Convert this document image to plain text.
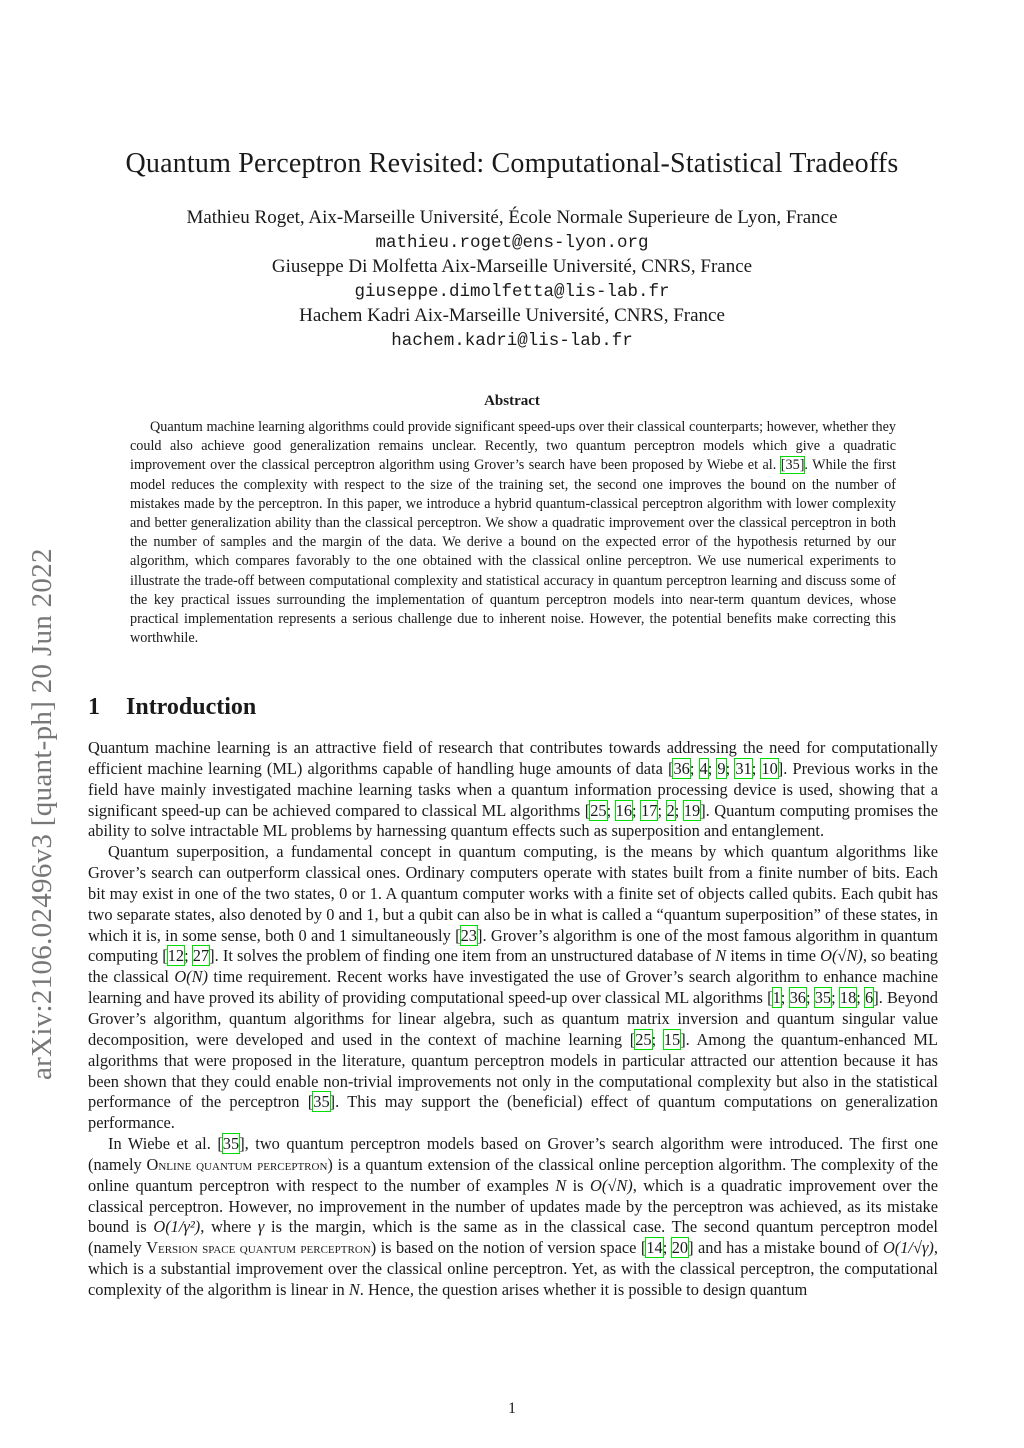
arXiv:2106.02496v3 [quant-ph] 20 Jun 2022
Quantum Perceptron Revisited: Computational-Statistical Tradeoffs
Mathieu Roget, Aix-Marseille Université, École Normale Superieure de Lyon, France
mathieu.roget@ens-lyon.org
Giuseppe Di Molfetta Aix-Marseille Université, CNRS, France
giuseppe.dimolfetta@lis-lab.fr
Hachem Kadri Aix-Marseille Université, CNRS, France
hachem.kadri@lis-lab.fr
Abstract

Quantum machine learning algorithms could provide significant speed-ups over their classical counterparts; however, whether they could also achieve good generalization remains unclear. Recently, two quantum perceptron models which give a quadratic improvement over the classical perceptron algorithm using Grover’s search have been proposed by Wiebe et al. [35]. While the first model reduces the complexity with respect to the size of the training set, the second one improves the bound on the number of mistakes made by the perceptron. In this paper, we introduce a hybrid quantum-classical perceptron algorithm with lower complexity and better generalization ability than the classical perceptron. We show a quadratic improvement over the classical perceptron in both the number of samples and the margin of the data. We derive a bound on the expected error of the hypothesis returned by our algorithm, which compares favorably to the one obtained with the classical online perceptron. We use numerical experiments to illustrate the trade-off between computational complexity and statistical accuracy in quantum perceptron learning and discuss some of the key practical issues surrounding the implementation of quantum perceptron models into near-term quantum devices, whose practical implementation represents a serious challenge due to inherent noise. However, the potential benefits make correcting this worthwhile.

1 Introduction

Quantum machine learning is an attractive field of research that contributes towards addressing the need for computationally efficient machine learning (ML) algorithms capable of handling huge amounts of data [36; 4; 9; 31; 10]. Previous works in the field have mainly investigated machine learning tasks when a quantum information processing device is used, showing that a significant speed-up can be achieved compared to classical ML algorithms [25; 16; 17; 2; 19]. Quantum computing promises the ability to solve intractable ML problems by harnessing quantum effects such as superposition and entanglement.

Quantum superposition, a fundamental concept in quantum computing, is the means by which quantum algorithms like Grover’s search can outperform classical ones. Ordinary computers operate with states built from a finite number of bits. Each bit may exist in one of the two states, 0 or 1. A quantum computer works with a finite set of objects called qubits. Each qubit has two separate states, also denoted by 0 and 1, but a qubit can also be in what is called a “quantum superposition” of these states, in which it is, in some sense, both 0 and 1 simultaneously [23]. Grover’s algorithm is one of the most famous algorithm in quantum computing [12; 27]. It solves the problem of finding one item from an unstructured database of N items in time O(√N), so beating the classical O(N) time requirement. Recent works have investigated the use of Grover’s search algorithm to enhance machine learning and have proved its ability of providing computational speed-up over classical ML algorithms [1; 36; 35; 18; 6]. Beyond Grover’s algorithm, quantum algorithms for linear algebra, such as quantum matrix inversion and quantum singular value decomposition, were developed and used in the context of machine learning [25; 15]. Among the quantum-enhanced ML algorithms that were proposed in the literature, quantum perceptron models in particular attracted our attention because it has been shown that they could enable non-trivial improvements not only in the computational complexity but also in the statistical performance of the perceptron [35]. This may support the (beneficial) effect of quantum computations on generalization performance.

In Wiebe et al. [35], two quantum perceptron models based on Grover’s search algorithm were introduced. The first one (namely Online quantum perceptron) is a quantum extension of the classical online perception algorithm. The complexity of the online quantum perceptron with respect to the number of examples N is O(√N), which is a quadratic improvement over the classical perceptron. However, no improvement in the number of updates made by the perceptron was achieved, as its mistake bound is O(1/γ²), where γ is the margin, which is the same as in the classical case. The second quantum perceptron model (namely Version space quantum perceptron) is based on the notion of version space [14; 20] and has a mistake bound of O(1/√γ), which is a substantial improvement over the classical online perceptron. Yet, as with the classical perceptron, the computational complexity of the algorithm is linear in N. Hence, the question arises whether it is possible to design quantum

1
